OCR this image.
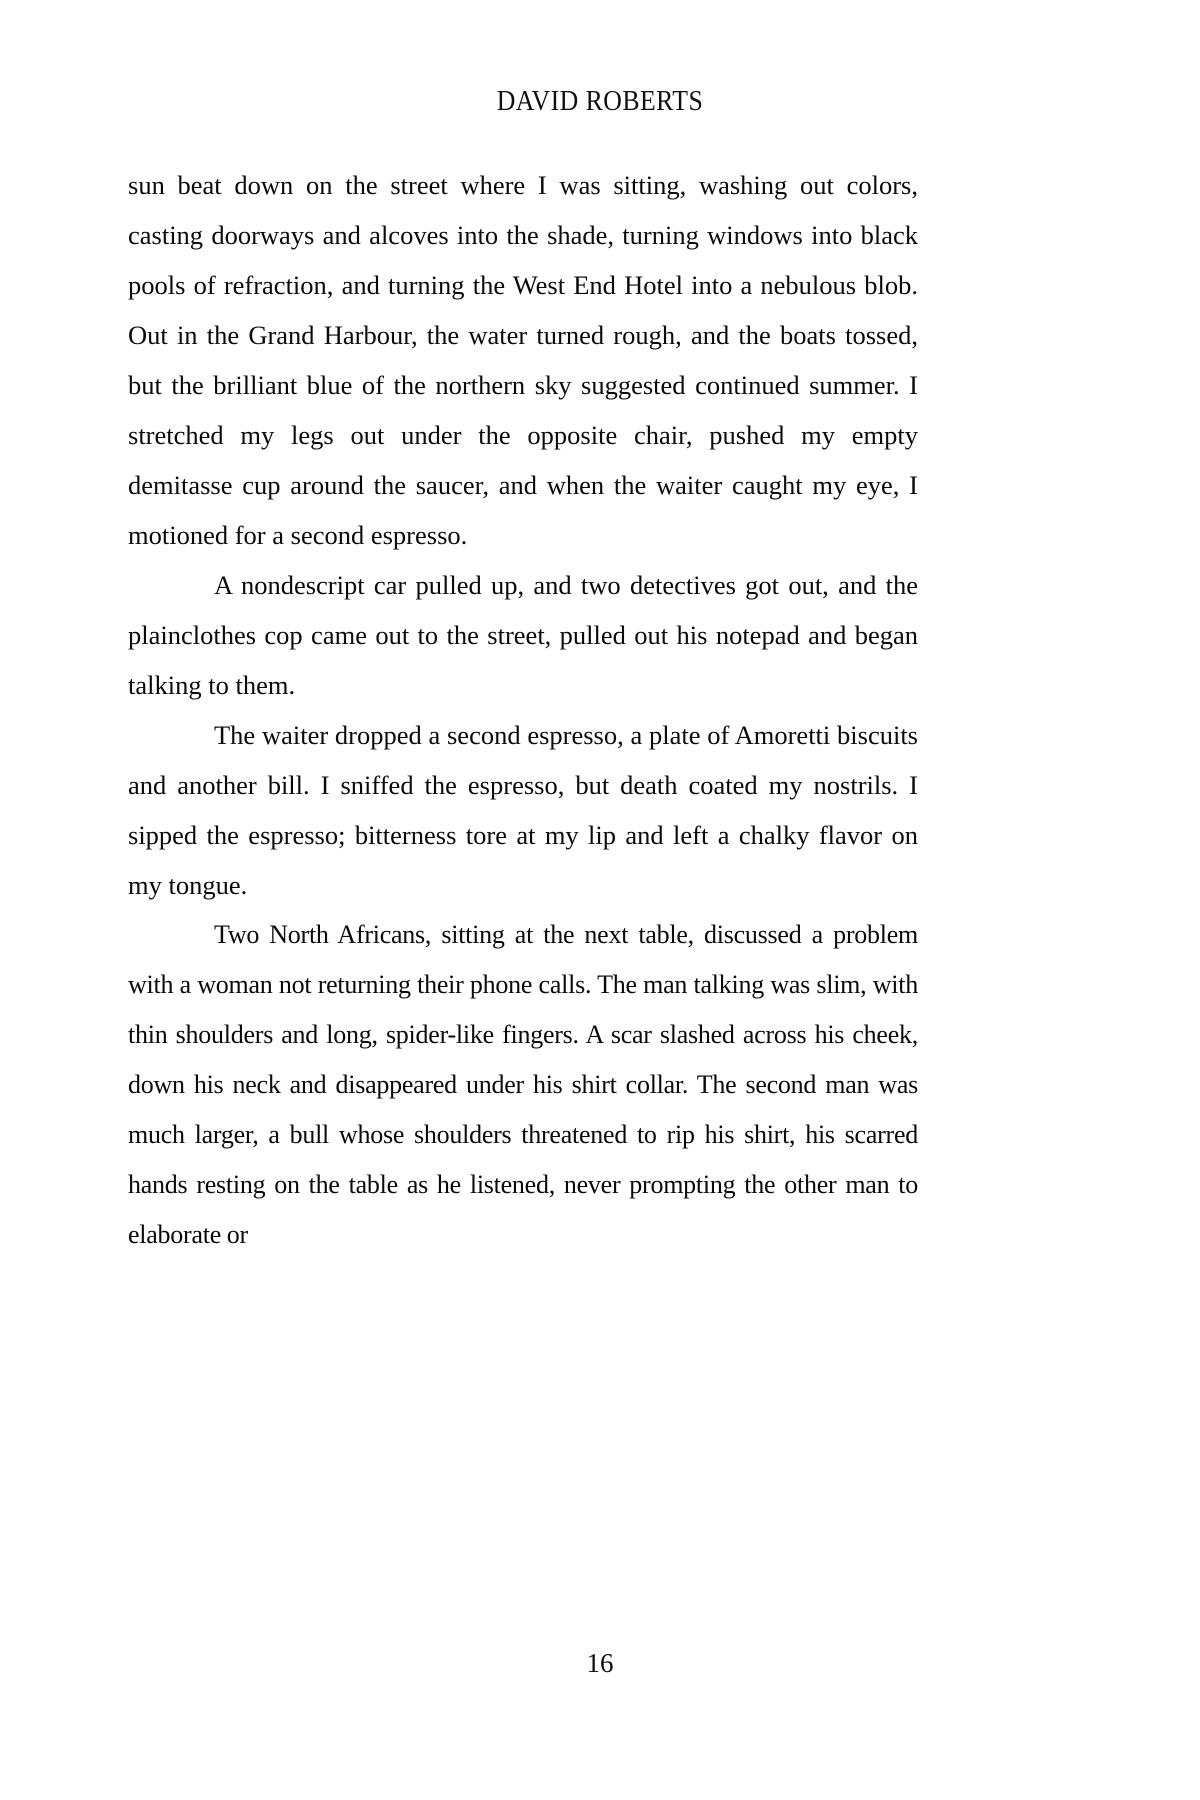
DAVID ROBERTS

sun beat down on the street where I was sitting, washing out colors, casting doorways and alcoves into the shade, turning windows into black pools of refraction, and turning the West End Hotel into a nebulous blob. Out in the Grand Harbour, the water turned rough, and the boats tossed, but the brilliant blue of the northern sky suggested continued summer. I stretched my legs out under the opposite chair, pushed my empty demitasse cup around the saucer, and when the waiter caught my eye, I motioned for a second espresso.

A nondescript car pulled up, and two detectives got out, and the plainclothes cop came out to the street, pulled out his notepad and began talking to them.

The waiter dropped a second espresso, a plate of Amoretti biscuits and another bill. I sniffed the espresso, but death coated my nostrils. I sipped the espresso; bitterness tore at my lip and left a chalky flavor on my tongue.

Two North Africans, sitting at the next table, discussed a problem with a woman not returning their phone calls. The man talking was slim, with thin shoulders and long, spider-like fingers. A scar slashed across his cheek, down his neck and disappeared under his shirt collar. The second man was much larger, a bull whose shoulders threatened to rip his shirt, his scarred hands resting on the table as he listened, never prompting the other man to elaborate or

16
